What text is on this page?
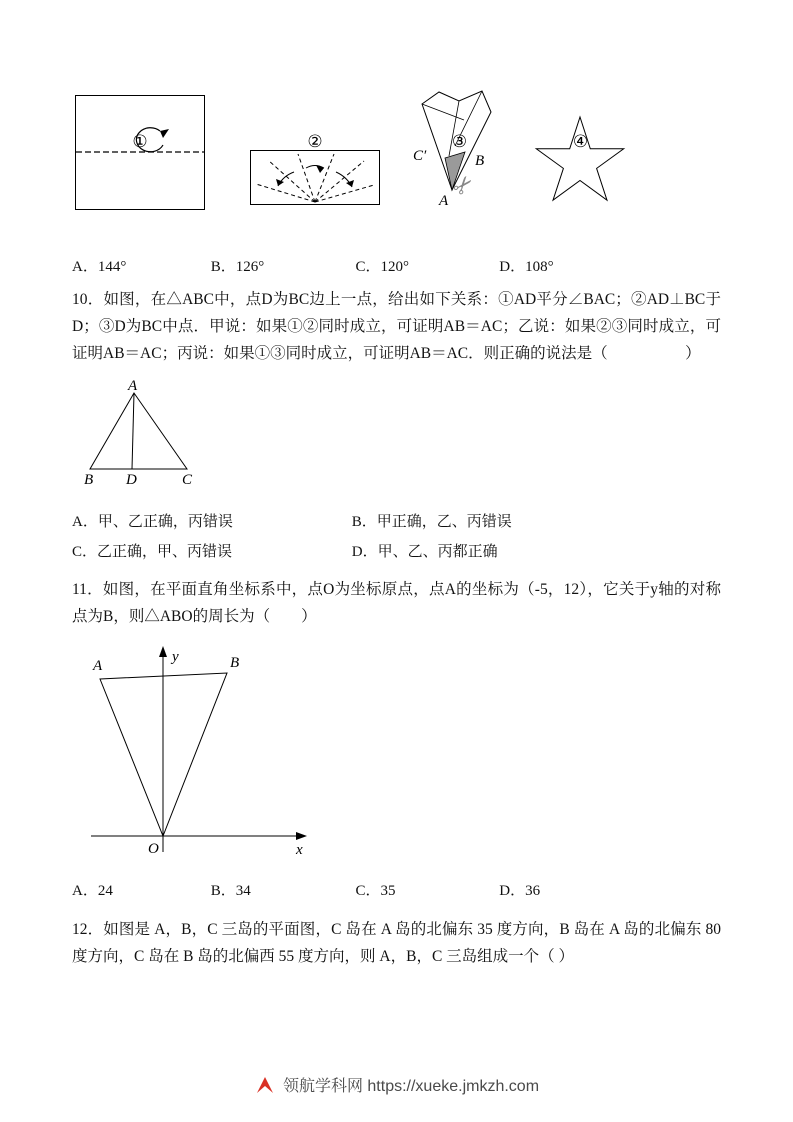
✂
C′	B
A
①	②	③	④
A．144°	B．126°	C．120°	D．108°

10．如图，在△ABC中，点D为BC边上一点，给出如下关系：①AD平分∠BAC；②AD⊥BC于D；③D为BC中点．甲说：如果①②同时成立，可证明AB＝AC；乙说：如果②③同时成立，可证明AB＝AC；丙说：如果①③同时成立，可证明AB＝AC．则正确的说法是（　　　　　）

A
B D	C
A．甲、乙正确，丙错误	B．甲正确，乙、丙错误
C．乙正确，甲、丙错误	D．甲、乙、丙都正确

11．如图，在平面直角坐标系中，点O为坐标原点，点A的坐标为（-5，12），它关于y轴的对称点为B，则△ABO的周长为（　　）

y
x
O
A	B
A．24	B．34	C．35	D．36

12．如图是 A，B，C 三岛的平面图，C 岛在 A 岛的北偏东 35 度方向，B 岛在 A 岛的北偏东 80 度方向，C 岛在 B 岛的北偏西 55 度方向，则 A，B，C 三岛组成一个（ ）

领航学科网 https://xueke.jmkzh.com
